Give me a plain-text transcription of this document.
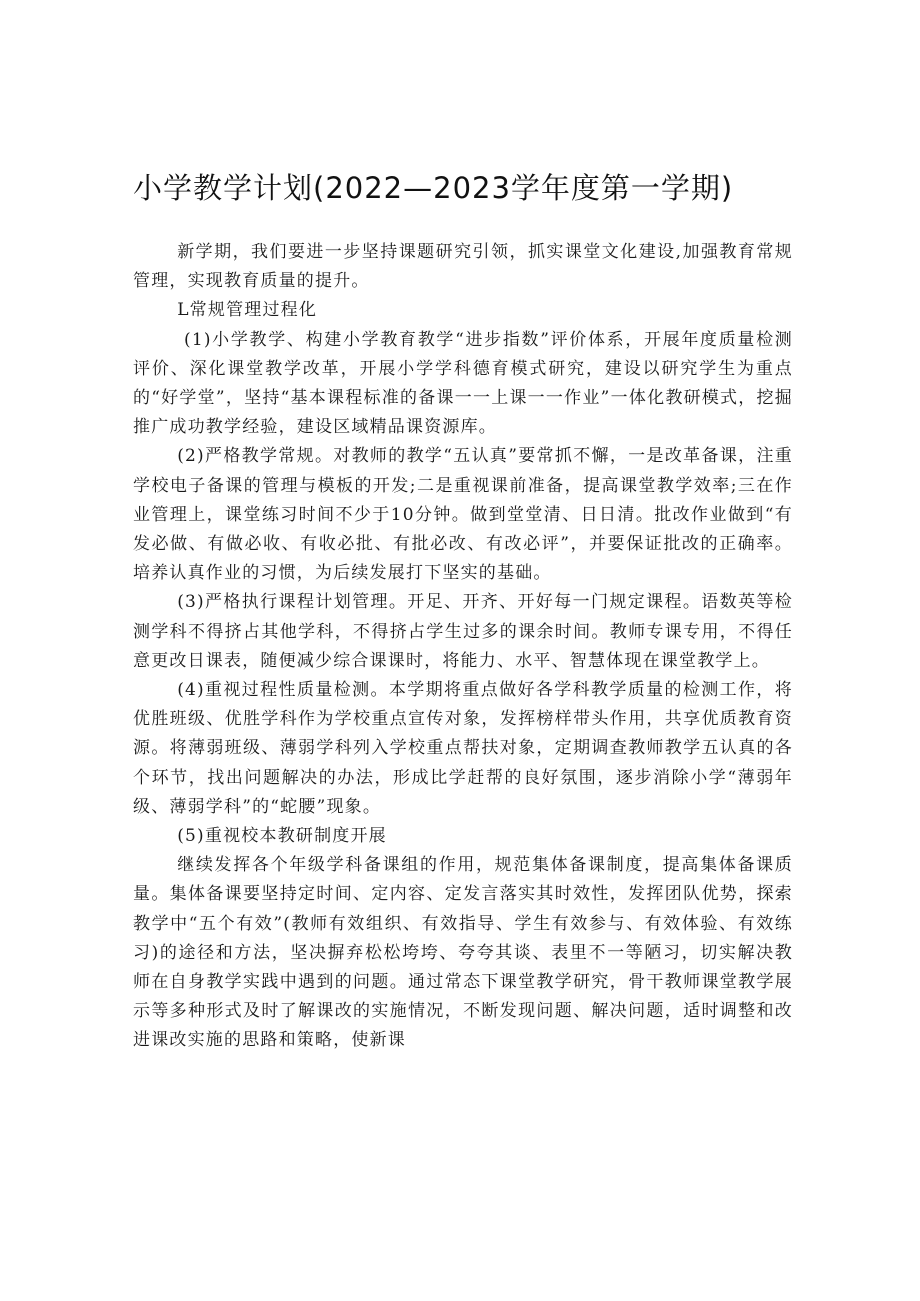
小学教学计划(2022—2023学年度第一学期)

新学期，我们要进一步坚持课题研究引领，抓实课堂文化建设,加强教育常规管理，实现教育质量的提升。

L常规管理过程化

(1)小学教学、构建小学教育教学“进步指数”评价体系，开展年度质量检测评价、深化课堂教学改革，开展小学学科德育模式研究，建设以研究学生为重点的“好学堂”，坚持“基本课程标准的备课一一上课一一作业”一体化教研模式，挖掘推广成功教学经验，建设区域精品课资源库。

(2)严格教学常规。对教师的教学“五认真”要常抓不懈，一是改革备课，注重学校电子备课的管理与模板的开发;二是重视课前准备，提高课堂教学效率;三在作业管理上，课堂练习时间不少于10分钟。做到堂堂清、日日清。批改作业做到“有发必做、有做必收、有收必批、有批必改、有改必评”，并要保证批改的正确率。培养认真作业的习惯，为后续发展打下坚实的基础。

(3)严格执行课程计划管理。开足、开齐、开好每一门规定课程。语数英等检测学科不得挤占其他学科，不得挤占学生过多的课余时间。教师专课专用，不得任意更改日课表，随便减少综合课课时，将能力、水平、智慧体现在课堂教学上。

(4)重视过程性质量检测。本学期将重点做好各学科教学质量的检测工作，将优胜班级、优胜学科作为学校重点宣传对象，发挥榜样带头作用，共享优质教育资源。将薄弱班级、薄弱学科列入学校重点帮扶对象，定期调查教师教学五认真的各个环节，找出问题解决的办法，形成比学赶帮的良好氛围，逐步消除小学“薄弱年级、薄弱学科”的“蛇腰”现象。

(5)重视校本教研制度开展

继续发挥各个年级学科备课组的作用，规范集体备课制度，提高集体备课质量。集体备课要坚持定时间、定内容、定发言落实其时效性，发挥团队优势，探索教学中“五个有效”(教师有效组织、有效指导、学生有效参与、有效体验、有效练习)的途径和方法，坚决摒弃松松垮垮、夸夸其谈、表里不一等陋习，切实解决教师在自身教学实践中遇到的问题。通过常态下课堂教学研究，骨干教师课堂教学展示等多种形式及时了解课改的实施情况，不断发现问题、解决问题，适时调整和改进课改实施的思路和策略，使新课
